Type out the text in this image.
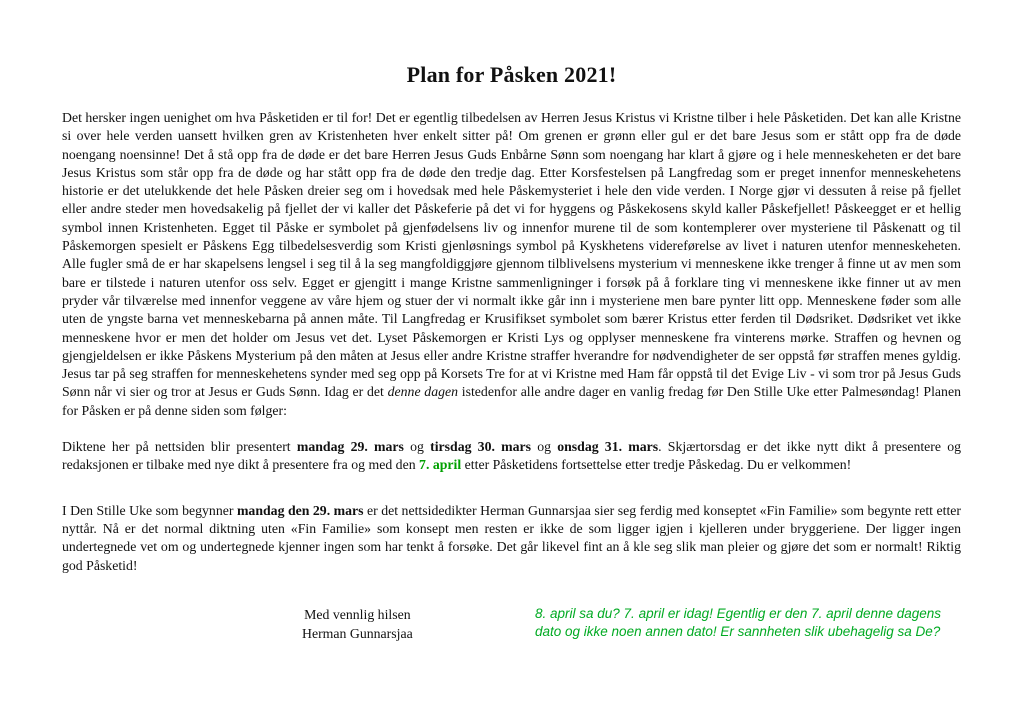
Plan for Påsken 2021!

Det hersker ingen uenighet om hva Påsketiden er til for! Det er egentlig tilbedelsen av Herren Jesus Kristus vi Kristne tilber i hele Påsketiden. Det kan alle Kristne si over hele verden uansett hvilken gren av Kristenheten hver enkelt sitter på! Om grenen er grønn eller gul er det bare Jesus som er stått opp fra de døde noengang noensinne! Det å stå opp fra de døde er det bare Herren Jesus Guds Enbårne Sønn som noengang har klart å gjøre og i hele menneskeheten er det bare Jesus Kristus som står opp fra de døde og har stått opp fra de døde den tredje dag. Etter Korsfestelsen på Langfredag som er preget innenfor menneskehetens historie er det utelukkende det hele Påsken dreier seg om i hovedsak med hele Påskemysteriet i hele den vide verden. I Norge gjør vi dessuten å reise på fjellet eller andre steder men hovedsakelig på fjellet der vi kaller det Påskeferie på det vi for hyggens og Påskekosens skyld kaller Påskefjellet! Påskeegget er et hellig symbol innen Kristenheten. Egget til Påske er symbolet på gjenfødelsens liv og innenfor murene til de som kontemplerer over mysteriene til Påskenatt og til Påskemorgen spesielt er Påskens Egg tilbedelsesverdig som Kristi gjenløsnings symbol på Kyskhetens videreførelse av livet i naturen utenfor menneskeheten. Alle fugler små de er har skapelsens lengsel i seg til å la seg mangfoldiggjøre gjennom tilblivelsens mysterium vi menneskene ikke trenger å finne ut av men som bare er tilstede i naturen utenfor oss selv. Egget er gjengitt i mange Kristne sammenligninger i forsøk på å forklare ting vi menneskene ikke finner ut av men pryder vår tilværelse med innenfor veggene av våre hjem og stuer der vi normalt ikke går inn i mysteriene men bare pynter litt opp. Menneskene føder som alle uten de yngste barna vet menneskebarna på annen måte. Til Langfredag er Krusifikset symbolet som bærer Kristus etter ferden til Dødsriket. Dødsriket vet ikke menneskene hvor er men det holder om Jesus vet det. Lyset Påskemorgen er Kristi Lys og opplyser menneskene fra vinterens mørke. Straffen og hevnen og gjengjeldelsen er ikke Påskens Mysterium på den måten at Jesus eller andre Kristne straffer hverandre for nødvendigheter de ser oppstå før straffen menes gyldig. Jesus tar på seg straffen for menneskehetens synder med seg opp på Korsets Tre for at vi Kristne med Ham får oppstå til det Evige Liv - vi som tror på Jesus Guds Sønn når vi sier og tror at Jesus er Guds Sønn. Idag er det denne dagen istedenfor alle andre dager en vanlig fredag før Den Stille Uke etter Palmesøndag! Planen for Påsken er på denne siden som følger:

Diktene her på nettsiden blir presentert mandag 29. mars og tirsdag 30. mars og onsdag 31. mars. Skjærtorsdag er det ikke nytt dikt å presentere og redaksjonen er tilbake med nye dikt å presentere fra og med den 7. april etter Påsketidens fortsettelse etter tredje Påskedag. Du er velkommen!

I Den Stille Uke som begynner mandag den 29. mars er det nettsidedikter Herman Gunnarsjaa sier seg ferdig med konseptet «Fin Familie» som begynte rett etter nyttår. Nå er det normal diktning uten «Fin Familie» som konsept men resten er ikke de som ligger igjen i kjelleren under bryggeriene. Der ligger ingen undertegnede vet om og undertegnede kjenner ingen som har tenkt å forsøke. Det går likevel fint an å kle seg slik man pleier og gjøre det som er normalt! Riktig god Påsketid!

Med vennlig hilsen
Herman Gunnarsjaa
8. april sa du? 7. april er idag! Egentlig er den 7. april denne dagens
dato og ikke noen annen dato! Er sannheten slik ubehagelig sa De?
